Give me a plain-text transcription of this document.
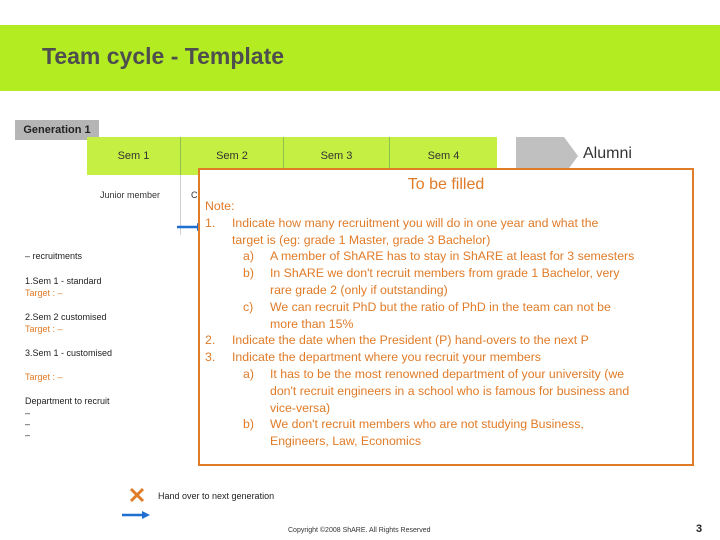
Team cycle - Template
Generation 1
Sem 1	Sem 2	Sem 3	Sem 4	Alumni
Junior member	C
– recruitments
1.Sem 1 - standard
Target : –
2.Sem 2 customised
Target : –
3.Sem 1 - customised
Target : –
Department to recruit
–
–
–
To be filled
Note:
1. Indicate how many recruitment you will do in one year and what the
target is (eg: grade 1 Master, grade 3 Bachelor)
a) A member of ShARE has to stay in ShARE at least for 3 semesters
b) In ShARE we don't recruit members from grade 1 Bachelor, very
rare grade 2 (only if outstanding)
c) We can recruit PhD but the ratio of PhD in the team can not be
more than 15%
2. Indicate the date when the President (P) hand-overs to the next P
3. Indicate the department where you recruit your members
a) It has to be the most renowned department of your university (we
don't recruit engineers in a school who is famous for business and
vice-versa)
b) We don't recruit members who are not studying Business,
Engineers, Law, Economics
Hand over to next generation
Copyright ©2008 ShARE. All Rights Reserved	3
